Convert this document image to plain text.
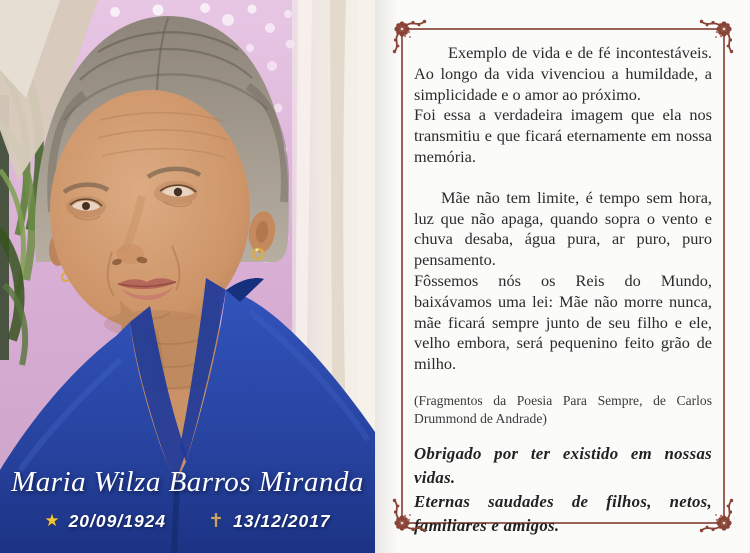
Maria Wilza Barros Miranda
★ 20/09/1924 ✝ 13/12/2017

Exemplo de vida e de fé incontestáveis. Ao longo da vida vivenciou a humildade, a simplicidade e o amor ao próximo.

Foi essa a verdadeira imagem que ela nos transmitiu e que ficará eternamente em nossa memória.

Mãe não tem limite, é tempo sem hora, luz que não apaga, quando sopra o vento e chuva desaba, água pura, ar puro, puro pensamento.

Fôssemos nós os Reis do Mundo, baixávamos uma lei: Mãe não morre nunca, mãe ficará sempre junto de seu filho e ele, velho embora, será pequenino feito grão de milho.

(Fragmentos da Poesia Para Sempre, de Carlos Drummond de Andrade)

Obrigado por ter existido em nossas vidas.

Eternas saudades de filhos, netos, familiares e amigos.
